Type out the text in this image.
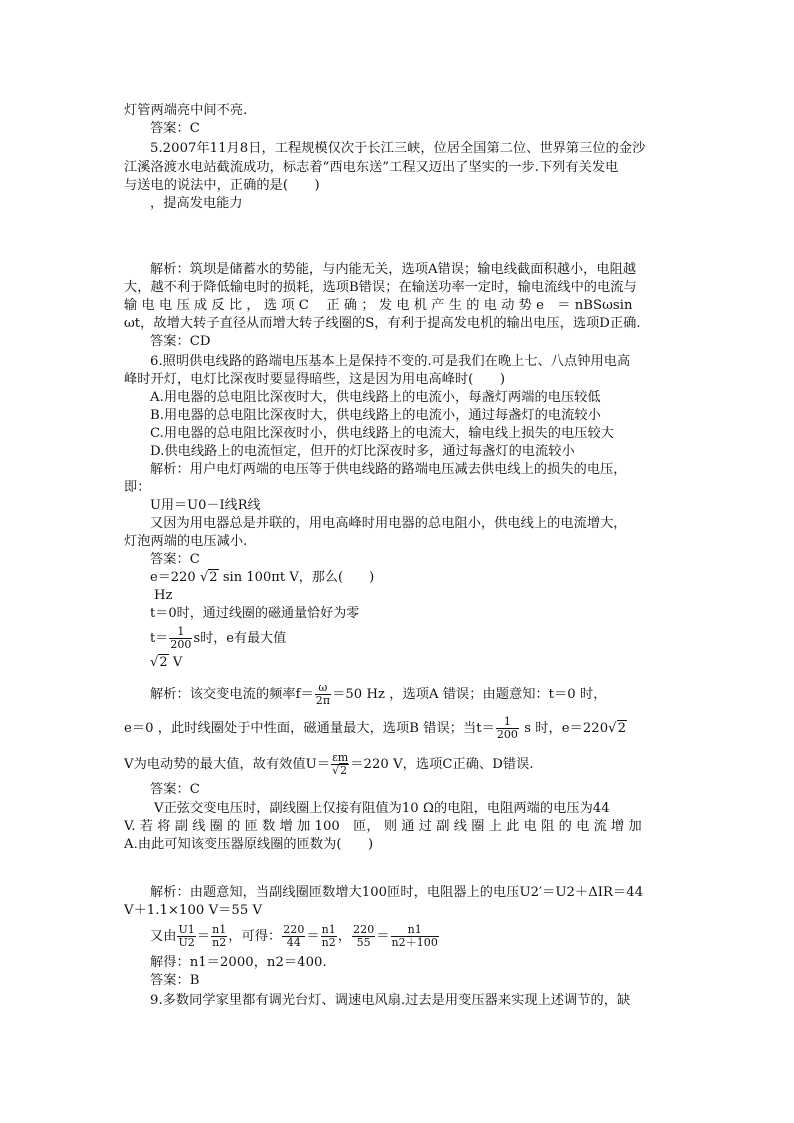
灯管两端亮中间不亮.
答案：C
5.2007年11月8日，工程规模仅次于长江三峡，位居全国第二位、世界第三位的金沙
江溪洛渡水电站截流成功，标志着“西电东送”工程又迈出了坚实的一步.下列有关发电
与送电的说法中，正确的是(　　)
，提高发电能力
解析：筑坝是储蓄水的势能，与内能无关，选项A错误；输电线截面积越小，电阻越
大，越不利于降低输电时的损耗，选项B错误；在输送功率一定时，输电流线中的电流与
输 电 电 压 成 反 比 ， 选 项 C　 正 确 ； 发 电 机 产 生 的 电 动 势 e　＝ nBSωsin
ωt，故增大转子直径从而增大转子线圈的S，有利于提高发电机的输出电压，选项D正确.
答案：CD
6.照明供电线路的路端电压基本上是保持不变的.可是我们在晚上七、八点钟用电高
峰时开灯，电灯比深夜时要显得暗些，这是因为用电高峰时(　　)
A.用电器的总电阻比深夜时大，供电线路上的电流小，每盏灯两端的电压较低
B.用电器的总电阻比深夜时大，供电线路上的电流小，通过每盏灯的电流较小
C.用电器的总电阻比深夜时小，供电线路上的电流大，输电线上损失的电压较大
D.供电线路上的电流恒定，但开的灯比深夜时多，通过每盏灯的电流较小
解析：用户电灯两端的电压等于供电线路的路端电压减去供电线上的损失的电压，
即：
U用＝U0－I线R线
又因为用电器总是并联的，用电高峰时用电器的总电阻小，供电线上的电流增大，
灯泡两端的电压减小.
答案：C
e＝220 √2 sin 100πt V，那么(　　)
Hz
t＝0时，通过线圈的磁通量恰好为零
$t= \frac{1}{200}$ s时，e有最大值
√2 V
解析：该交变电流的频率$f= \frac{\omega}{2\pi} =50$ Hz ，选项A 错误；由题意知：t＝0 时，
e＝0 ，此时线圈处于中性面，磁通量最大，选项B 错误；当$t= \frac{1}{200}$ s 时，e＝220√2
V为电动势的最大值，故有效值$U= \frac{\varepsilon m}{√2} =220$ V，选项C正确、D错误.
答案：C
V正弦交变电压时，副线圈上仅接有阻值为10 Ω的电阻，电阻两端的电压为44
V. 若 将 副 线 圈 的 匝 数 增 加 100　匝， 则 通 过 副 线 圈 上 此 电 阻 的 电 流 增 加
A.由此可知该变压器原线圈的匝数为(　　)
解析：由题意知，当副线圈匝数增大100匝时，电阻器上的电压U2′＝U2＋ΔIR＝44
V＋1.1×100 V＝55 V
又由 $\frac{U1}{U2} = \frac{n1}{n2}$ ，可得： $\frac{220}{44} = \frac{n1}{n2}$ ， $\frac{220}{55} = \frac{n1}{n2+100}$
解得：n1＝2000，n2＝400.
答案：B
9.多数同学家里都有调光台灯、调速电风扇.过去是用变压器来实现上述调节的，缺
